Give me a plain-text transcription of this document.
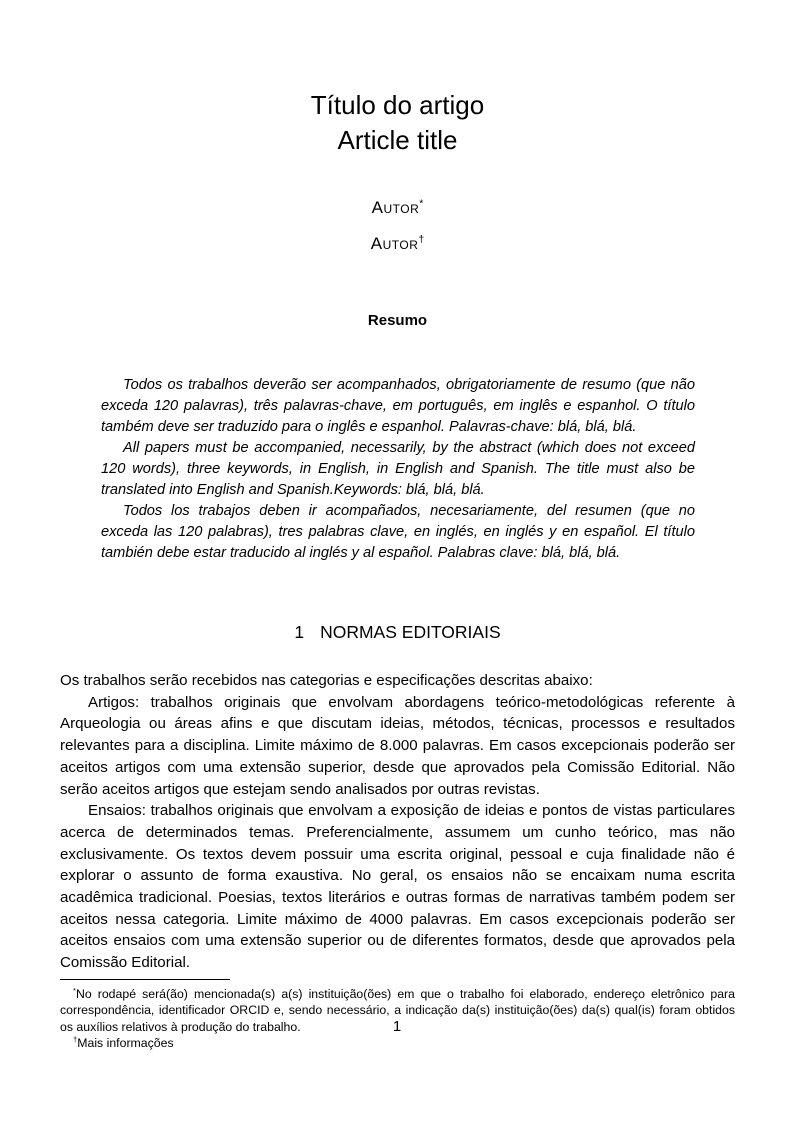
Título do artigo
Article title
Autor*
Autor†
Resumo

Todos os trabalhos deverão ser acompanhados, obrigatoriamente de resumo (que não exceda 120 palavras), três palavras-chave, em português, em inglês e espanhol. O título também deve ser traduzido para o inglês e espanhol. Palavras-chave: blá, blá, blá.

All papers must be accompanied, necessarily, by the abstract (which does not exceed 120 words), three keywords, in English, in English and Spanish. The title must also be translated into English and Spanish.Keywords: blá, blá, blá.

Todos los trabajos deben ir acompañados, necesariamente, del resumen (que no exceda las 120 palabras), tres palabras clave, en inglés, en inglés y en español. El título también debe estar traducido al inglés y al español. Palabras clave: blá, blá, blá.

1 NORMAS EDITORIAIS

Os trabalhos serão recebidos nas categorias e especificações descritas abaixo:

Artigos: trabalhos originais que envolvam abordagens teórico-metodológicas referente à Arqueologia ou áreas afins e que discutam ideias, métodos, técnicas, processos e resultados relevantes para a disciplina. Limite máximo de 8.000 palavras. Em casos excepcionais poderão ser aceitos artigos com uma extensão superior, desde que aprovados pela Comissão Editorial. Não serão aceitos artigos que estejam sendo analisados por outras revistas.

Ensaios: trabalhos originais que envolvam a exposição de ideias e pontos de vistas particulares acerca de determinados temas. Preferencialmente, assumem um cunho teórico, mas não exclusivamente. Os textos devem possuir uma escrita original, pessoal e cuja finalidade não é explorar o assunto de forma exaustiva. No geral, os ensaios não se encaixam numa escrita acadêmica tradicional. Poesias, textos literários e outras formas de narrativas também podem ser aceitos nessa categoria. Limite máximo de 4000 palavras. Em casos excepcionais poderão ser aceitos ensaios com uma extensão superior ou de diferentes formatos, desde que aprovados pela Comissão Editorial.

*No rodapé será(ão) mencionada(s) a(s) instituição(ões) em que o trabalho foi elaborado, endereço eletrônico para correspondência, identificador ORCID e, sendo necessário, a indicação da(s) instituição(ões) da(s) qual(is) foram obtidos os auxílios relativos à produção do trabalho.

†Mais informações

1
